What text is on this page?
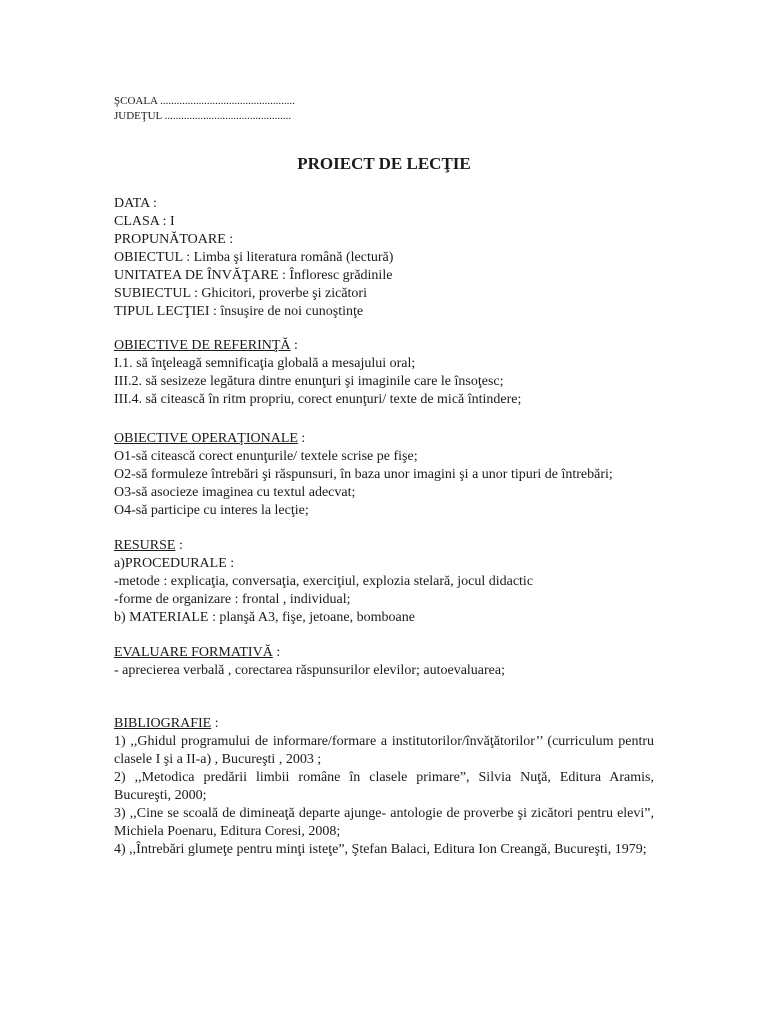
ŞCOALA .................................................
JUDEŢUL ..............................................
PROIECT DE LECŢIE
DATA :
CLASA : I
PROPUNĂTOARE :
OBIECTUL : Limba şi literatura română (lectură)
UNITATEA DE ÎNVĂŢARE : Înfloresc grădinile
SUBIECTUL : Ghicitori, proverbe şi zicători
TIPUL LECŢIEI : însuşire de noi cunoştinţe
OBIECTIVE DE REFERINŢĂ :
I.1. să înţeleagă semnificaţia globală a mesajului oral;
III.2. să sesizeze legătura dintre enunţuri şi imaginile care le însoţesc;
III.4. să citească în ritm propriu, corect enunţuri/ texte de mică întindere;
OBIECTIVE OPERAŢIONALE :
O1-să citească corect enunţurile/ textele scrise pe fişe;
O2-să formuleze întrebări şi răspunsuri, în baza unor imagini şi a unor tipuri de întrebări;
O3-să asocieze imaginea cu textul adecvat;
O4-să participe cu interes la lecţie;
RESURSE :
a)PROCEDURALE :
-metode : explicaţia, conversaţia, exerciţiul, explozia stelară, jocul didactic
-forme de organizare : frontal , individual;
b) MATERIALE : planşă A3, fişe, jetoane, bomboane
EVALUARE FORMATIVĂ :
- aprecierea verbală , corectarea răspunsurilor elevilor; autoevaluarea;
BIBLIOGRAFIE :
1) ,,Ghidul programului de informare/formare a institutorilor/învăţătorilor’’ (curriculum pentru clasele I şi a II-a) , Bucureşti , 2003 ;
2) ,,Metodica predării limbii române în clasele primare”, Silvia Nuţă, Editura Aramis, Bucureşti, 2000;
3) ,,Cine se scoală de dimineaţă departe ajunge- antologie de proverbe şi zicători pentru elevi”, Michiela Poenaru, Editura Coresi, 2008;
4) ,,Întrebări glumeţe pentru minţi isteţe”, Ştefan Balaci, Editura Ion Creangă, Bucureşti, 1979;
